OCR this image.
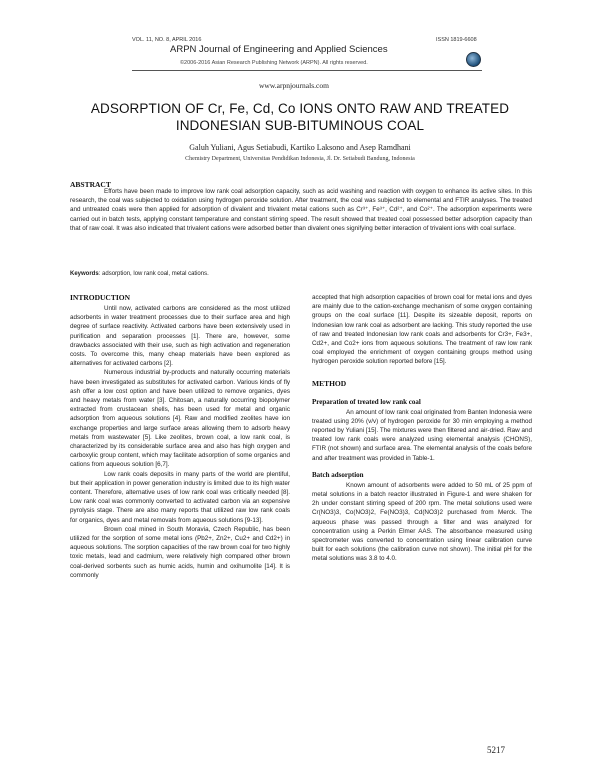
VOL. 11, NO. 8, APRIL 2016	ISSN 1819-6608
ARPN Journal of Engineering and Applied Sciences
©2006-2016 Asian Research Publishing Network (ARPN). All rights reserved.
www.arpnjournals.com
ADSORPTION OF Cr, Fe, Cd, Co IONS ONTO RAW AND TREATED
INDONESIAN SUB-BITUMINOUS COAL
Galuh Yuliani, Agus Setiabudi, Kartiko Laksono and Asep Ramdhani
Chemistry Department, Universitas Pendidikan Indonesia, Jl. Dr. Setiabudi Bandung, Indonesia
ABSTRACT

Efforts have been made to improve low rank coal adsorption capacity, such as acid washing and reaction with oxygen to enhance its active sites. In this research, the coal was subjected to oxidation using hydrogen peroxide solution. After treatment, the coal was subjected to elemental and FTIR analyses. The treated and untreated coals were then applied for adsorption of divalent and trivalent metal cations such as Cr³⁺, Fe³⁺, Cd²⁺, and Co²⁺. The adsorption experiments were carried out in batch tests, applying constant temperature and constant stirring speed. The result showed that treated coal possessed better adsorption capacity than that of raw coal. It was also indicated that trivalent cations were adsorbed better than divalent ones signifying better interaction of trivalent ions with coal surface.

Keywords: adsorption, low rank coal, metal cations.
INTRODUCTION

Until now, activated carbons are considered as the most utilized adsorbents in water treatment processes due to their surface area and high degree of surface reactivity. Activated carbons have been extensively used in purification and separation processes [1]. There are, however, some drawbacks associated with their use, such as high activation and regeneration costs. To overcome this, many cheap materials have been explored as alternatives for activated carbons [2].

Numerous industrial by-products and naturally occurring materials have been investigated as substitutes for activated carbon. Various kinds of fly ash offer a low cost option and have been utilized to remove organics, dyes and heavy metals from water [3]. Chitosan, a naturally occurring biopolymer extracted from crustacean shells, has been used for metal and organic adsorption from aqueous solutions [4]. Raw and modified zeolites have ion exchange properties and large surface areas allowing them to adsorb heavy metals from wastewater [5]. Like zeolites, brown coal, a low rank coal, is characterized by its considerable surface area and also has high oxygen and carboxylic group content, which may facilitate adsorption of some organics and cations from aqueous solution [6,7].

Low rank coals deposits in many parts of the world are plentiful, but their application in power generation industry is limited due to its high water content. Therefore, alternative uses of low rank coal was critically needed [8]. Low rank coal was commonly converted to activated carbon via an expensive pyrolysis stage. There are also many reports that utilized raw low rank coals for organics, dyes and metal removals from aqueous solutions [9-13].

Brown coal mined in South Moravia, Czech Republic, has been utilized for the sorption of some metal ions (Pb2+, Zn2+, Cu2+ and Cd2+) in aqueous solutions. The sorption capacities of the raw brown coal for two highly toxic metals, lead and cadmium, were relatively high compared other brown coal-derived sorbents such as humic acids, humin and oxihumolite [14]. It is commonly

accepted that high adsorption capacities of brown coal for metal ions and dyes are mainly due to the cation-exchange mechanism of some oxygen containing groups on the coal surface [11]. Despite its sizeable deposit, reports on Indonesian low rank coal as adsorbent are lacking. This study reported the use of raw and treated Indonesian low rank coals and adsorbents for Cr3+, Fe3+, Cd2+, and Co2+ ions from aqueous solutions. The treatment of raw low rank coal employed the enrichment of oxygen containing groups method using hydrogen peroxide solution reported before [15].

METHOD
Preparation of treated low rank coal

An amount of low rank coal originated from Banten Indonesia were treated using 20% (v/v) of hydrogen peroxide for 30 min employing a method reported by Yuliani [15]. The mixtures were then filtered and air-dried. Raw and treated low rank coals were analyzed using elemental analysis (CHONS), FTIR (not shown) and surface area. The elemental analysis of the coals before and after treatment was provided in Table-1.

Batch adsorption

Known amount of adsorbents were added to 50 mL of 25 ppm of metal solutions in a batch reactor illustrated in Figure-1 and were shaken for 2h under constant stirring speed of 200 rpm. The metal solutions used were Cr(NO3)3, Co(NO3)2, Fe(NO3)3, Cd(NO3)2 purchased from Merck. The aqueous phase was passed through a filter and was analyzed for concentration using a Perkin Elmer AAS. The absorbance measured using spectrometer was converted to concentration using linear calibration curve built for each solutions (the calibration curve not shown). The initial pH for the metal solutions was 3.8 to 4.0.

5217
